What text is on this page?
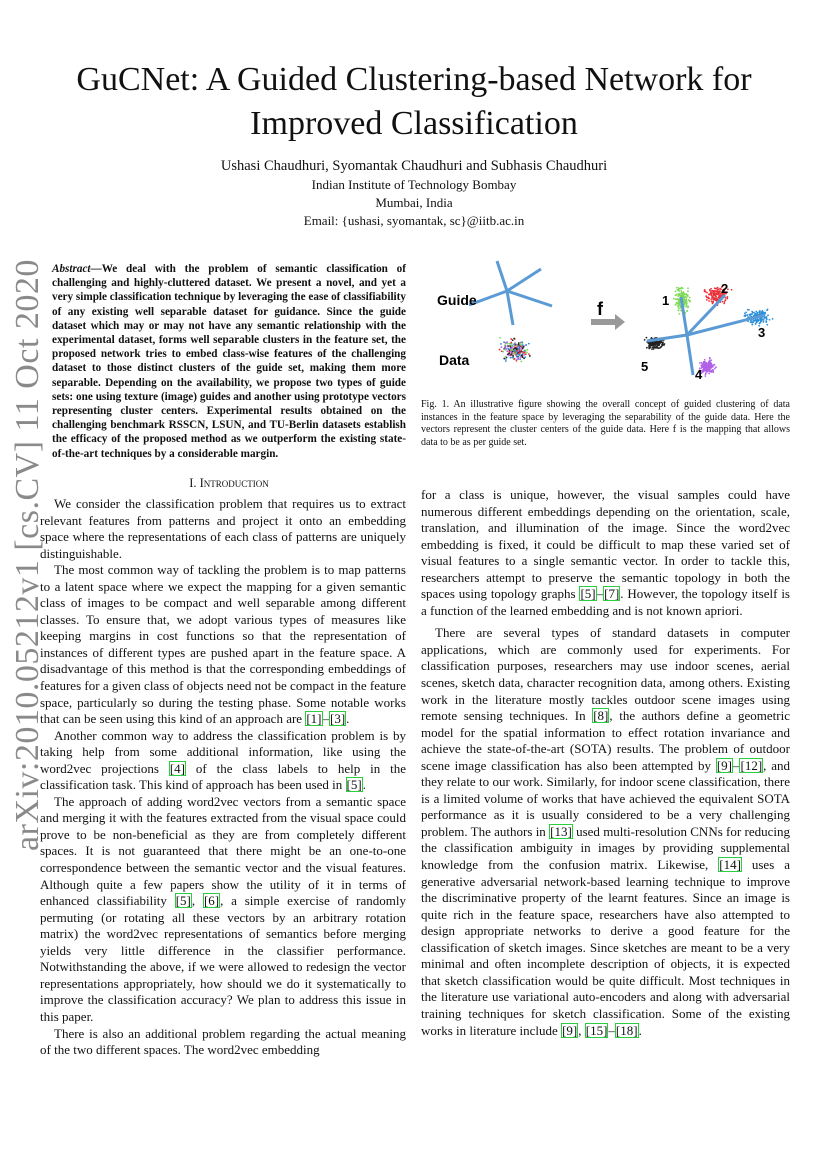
arXiv:2010.05212v1 [cs.CV] 11 Oct 2020
GuCNet: A Guided Clustering-based Network for Improved Classification
Ushasi Chaudhuri, Syomantak Chaudhuri and Subhasis Chaudhuri
Indian Institute of Technology Bombay
Mumbai, India
Email: {ushasi, syomantak, sc}@iitb.ac.in
Abstract—We deal with the problem of semantic classification of challenging and highly-cluttered dataset. We present a novel, and yet a very simple classification technique by leveraging the ease of classifiability of any existing well separable dataset for guidance. Since the guide dataset which may or may not have any semantic relationship with the experimental dataset, forms well separable clusters in the feature set, the proposed network tries to embed class-wise features of the challenging dataset to those distinct clusters of the guide set, making them more separable. Depending on the availability, we propose two types of guide sets: one using texture (image) guides and another using prototype vectors representing cluster centers. Experimental results obtained on the challenging benchmark RSSCN, LSUN, and TU-Berlin datasets establish the efficacy of the proposed method as we outperform the existing state-of-the-art techniques by a considerable margin.
I. Introduction
Guide
Data
f	1
2
3
4
5
Fig. 1. An illustrative figure showing the overall concept of guided clustering of data instances in the feature space by leveraging the separability of the guide data. Here the vectors represent the cluster centers of the guide data. Here f is the mapping that allows data to be as per guide set.

We consider the classification problem that requires us to extract relevant features from patterns and project it onto an embedding space where the representations of each class of patterns are uniquely distinguishable.

The most common way of tackling the problem is to map patterns to a latent space where we expect the mapping for a given semantic class of images to be compact and well separable among different classes. To ensure that, we adopt various types of measures like keeping margins in cost functions so that the representation of instances of different types are pushed apart in the feature space. A disadvantage of this method is that the corresponding embeddings of features for a given class of objects need not be compact in the feature space, particularly so during the testing phase. Some notable works that can be seen using this kind of an approach are [1]–[3].

Another common way to address the classification problem is by taking help from some additional information, like using the word2vec projections [4] of the class labels to help in the classification task. This kind of approach has been used in [5].

The approach of adding word2vec vectors from a semantic space and merging it with the features extracted from the visual space could prove to be non-beneficial as they are from completely different spaces. It is not guaranteed that there might be an one-to-one correspondence between the semantic vector and the visual features. Although quite a few papers show the utility of it in terms of enhanced classifiability [5], [6], a simple exercise of randomly permuting (or rotating all these vectors by an arbitrary rotation matrix) the word2vec representations of semantics before merging yields very little difference in the classifier performance. Notwithstanding the above, if we were allowed to redesign the vector representations appropriately, how should we do it systematically to improve the classification accuracy? We plan to address this issue in this paper.

There is also an additional problem regarding the actual meaning of the two different spaces. The word2vec embedding

for a class is unique, however, the visual samples could have numerous different embeddings depending on the orientation, scale, translation, and illumination of the image. Since the word2vec embedding is fixed, it could be difficult to map these varied set of visual features to a single semantic vector. In order to tackle this, researchers attempt to preserve the semantic topology in both the spaces using topology graphs [5]–[7]. However, the topology itself is a function of the learned embedding and is not known apriori.

There are several types of standard datasets in computer applications, which are commonly used for experiments. For classification purposes, researchers may use indoor scenes, aerial scenes, sketch data, character recognition data, among others. Existing work in the literature mostly tackles outdoor scene images using remote sensing techniques. In [8], the authors define a geometric model for the spatial information to effect rotation invariance and achieve the state-of-the-art (SOTA) results. The problem of outdoor scene image classification has also been attempted by [9]–[12], and they relate to our work. Similarly, for indoor scene classification, there is a limited volume of works that have achieved the equivalent SOTA performance as it is usually considered to be a very challenging problem. The authors in [13] used multi-resolution CNNs for reducing the classification ambiguity in images by providing supplemental knowledge from the confusion matrix. Likewise, [14] uses a generative adversarial network-based learning technique to improve the discriminative property of the learnt features. Since an image is quite rich in the feature space, researchers have also attempted to design appropriate networks to derive a good feature for the classification of sketch images. Since sketches are meant to be a very minimal and often incomplete description of objects, it is expected that sketch classification would be quite difficult. Most techniques in the literature use variational auto-encoders and along with adversarial training techniques for sketch classification. Some of the existing works in literature include [9], [15]–[18].
